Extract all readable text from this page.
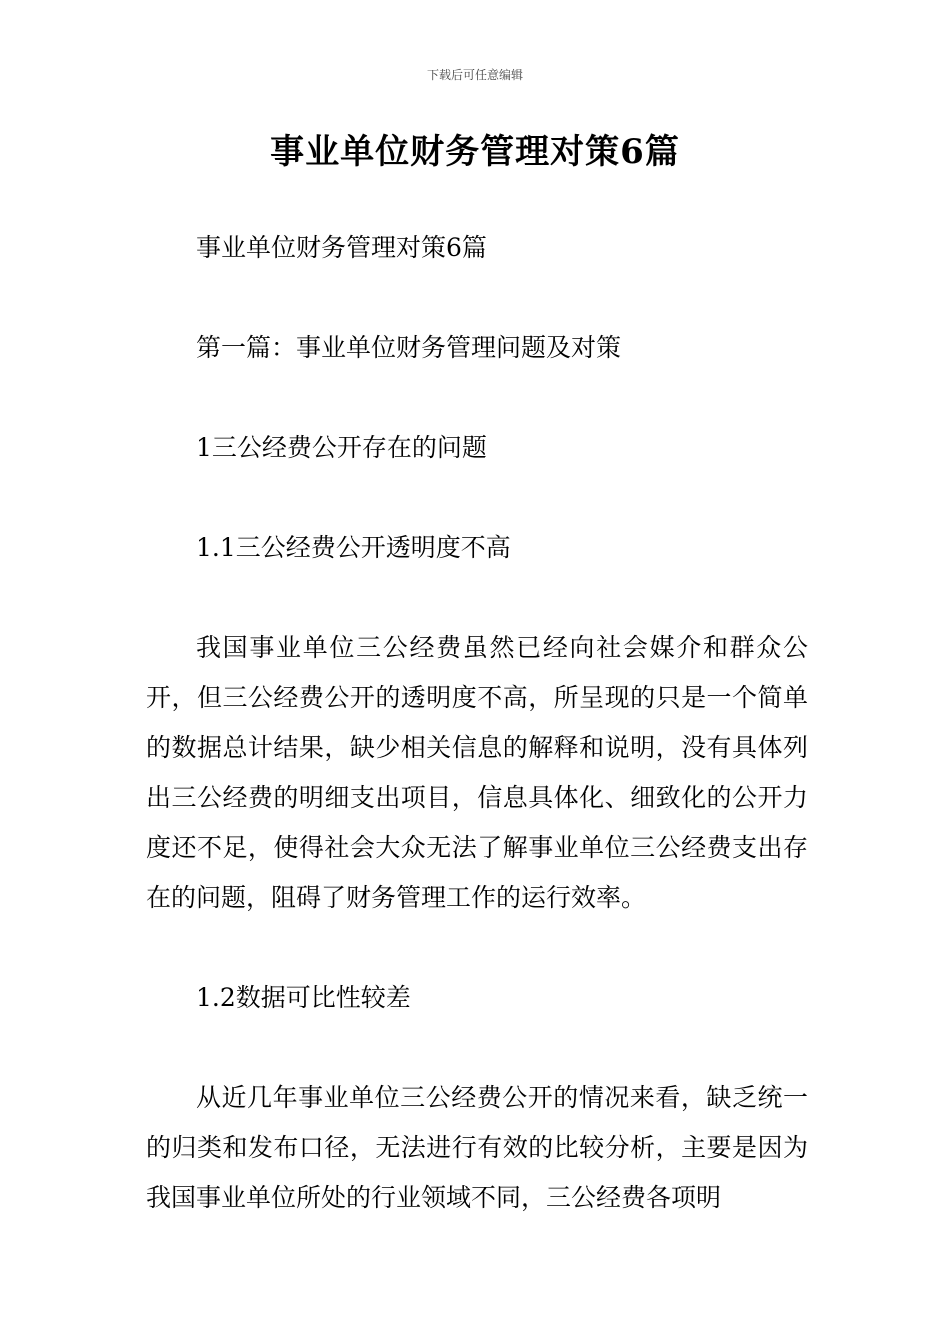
下载后可任意编辑
事业单位财务管理对策6篇

事业单位财务管理对策6篇

第一篇：事业单位财务管理问题及对策

1三公经费公开存在的问题

1.1三公经费公开透明度不高

我国事业单位三公经费虽然已经向社会媒介和群众公开，但三公经费公开的透明度不高，所呈现的只是一个简单的数据总计结果，缺少相关信息的解释和说明，没有具体列出三公经费的明细支出项目，信息具体化、细致化的公开力度还不足，使得社会大众无法了解事业单位三公经费支出存在的问题，阻碍了财务管理工作的运行效率。

1.2数据可比性较差

从近几年事业单位三公经费公开的情况来看，缺乏统一的归类和发布口径，无法进行有效的比较分析，主要是因为我国事业单位所处的行业领域不同，三公经费各项明
